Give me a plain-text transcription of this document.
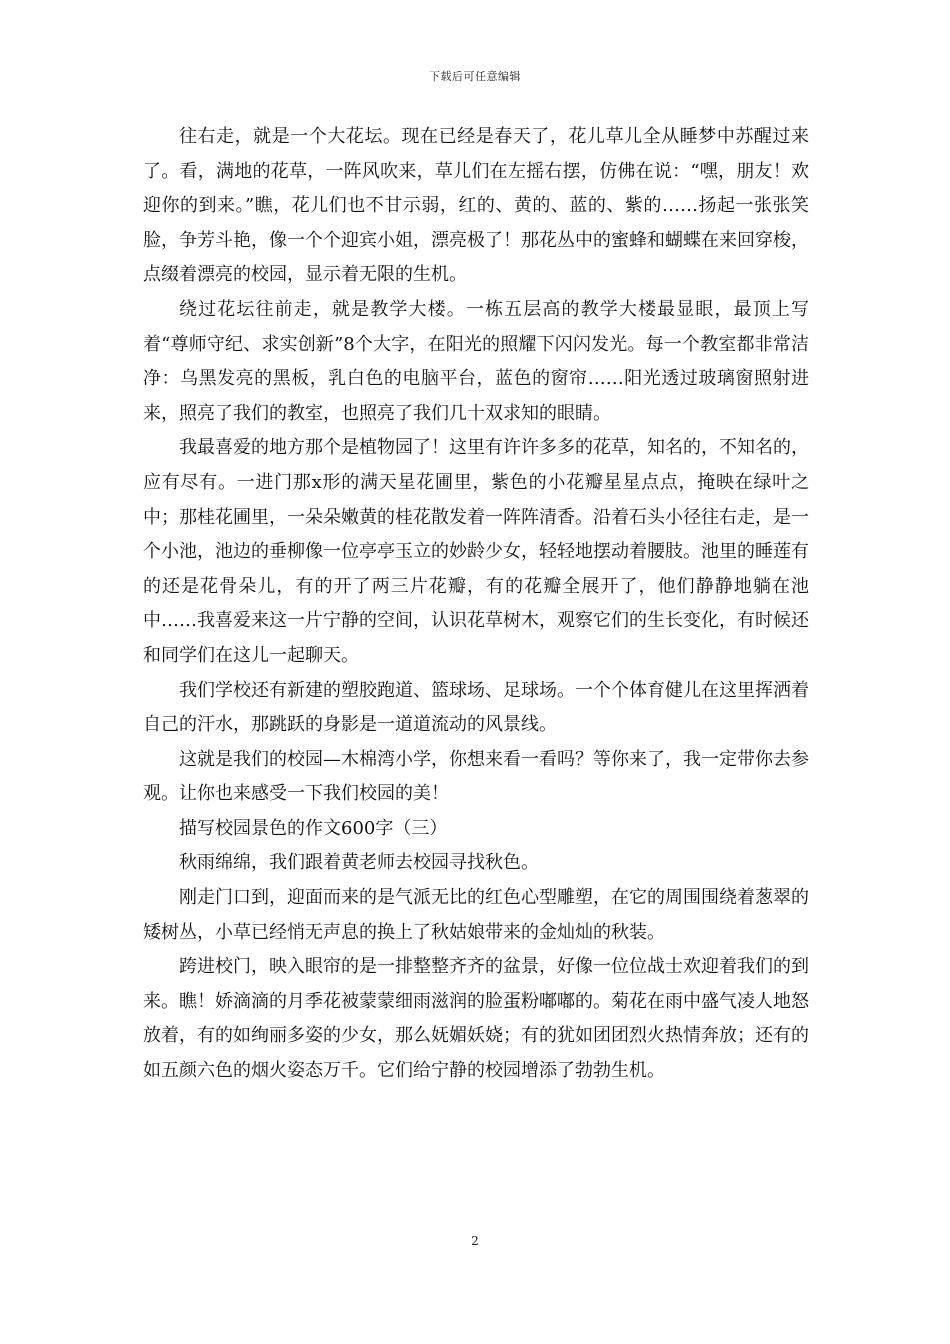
下载后可任意编辑

往右走，就是一个大花坛。现在已经是春天了，花儿草儿全从睡梦中苏醒过来了。看，满地的花草，一阵风吹来，草儿们在左摇右摆，仿佛在说：“嘿，朋友！欢迎你的到来。”瞧，花儿们也不甘示弱，红的、黄的、蓝的、紫的……扬起一张张笑脸，争芳斗艳，像一个个迎宾小姐，漂亮极了！那花丛中的蜜蜂和蝴蝶在来回穿梭，点缀着漂亮的校园，显示着无限的生机。

绕过花坛往前走，就是教学大楼。一栋五层高的教学大楼最显眼，最顶上写着“尊师守纪、求实创新”8个大字，在阳光的照耀下闪闪发光。每一个教室都非常洁净：乌黑发亮的黑板，乳白色的电脑平台，蓝色的窗帘……阳光透过玻璃窗照射进来，照亮了我们的教室，也照亮了我们几十双求知的眼睛。

我最喜爱的地方那个是植物园了！这里有许许多多的花草，知名的，不知名的，应有尽有。一进门那x形的满天星花圃里，紫色的小花瓣星星点点，掩映在绿叶之中；那桂花圃里，一朵朵嫩黄的桂花散发着一阵阵清香。沿着石头小径往右走，是一个小池，池边的垂柳像一位亭亭玉立的妙龄少女，轻轻地摆动着腰肢。池里的睡莲有的还是花骨朵儿，有的开了两三片花瓣，有的花瓣全展开了，他们静静地躺在池中……我喜爱来这一片宁静的空间，认识花草树木，观察它们的生长变化，有时候还和同学们在这儿一起聊天。

我们学校还有新建的塑胶跑道、篮球场、足球场。一个个体育健儿在这里挥洒着自己的汗水，那跳跃的身影是一道道流动的风景线。

这就是我们的校园—木棉湾小学，你想来看一看吗？等你来了，我一定带你去参观。让你也来感受一下我们校园的美！

描写校园景色的作文600字（三）

秋雨绵绵，我们跟着黄老师去校园寻找秋色。

刚走门口到，迎面而来的是气派无比的红色心型雕塑，在它的周围围绕着葱翠的矮树丛，小草已经悄无声息的换上了秋姑娘带来的金灿灿的秋装。

跨进校门，映入眼帘的是一排整整齐齐的盆景，好像一位位战士欢迎着我们的到来。瞧！娇滴滴的月季花被蒙蒙细雨滋润的脸蛋粉嘟嘟的。菊花在雨中盛气凌人地怒放着，有的如绚丽多姿的少女，那么妩媚妖娆；有的犹如团团烈火热情奔放；还有的如五颜六色的烟火姿态万千。它们给宁静的校园增添了勃勃生机。

2
